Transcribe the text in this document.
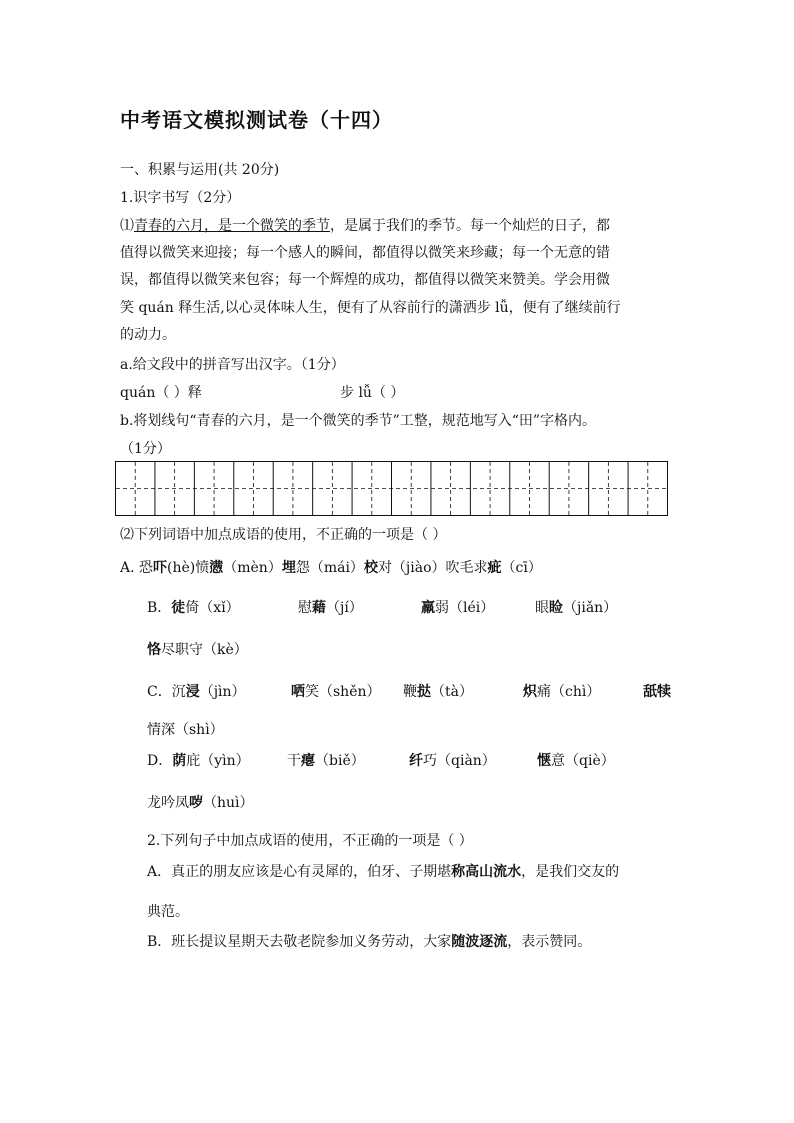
中考语文模拟测试卷（十四）
一、积累与运用(共 20分)
1.识字书写（2分）
⑴青春的六月，是一个微笑的季节，是属于我们的季节。每一个灿烂的日子，都
值得以微笑来迎接；每一个感人的瞬间，都值得以微笑来珍藏；每一个无意的错
误，都值得以微笑来包容；每一个辉煌的成功，都值得以微笑来赞美。学会用微
笑 quán 释生活,以心灵体味人生，便有了从容前行的潇洒步 lǚ，便有了继续前行
的动力。
a.给文段中的拼音写出汉字。（1分）
quán（ ）释	步 lǚ（ ）
b.将划线句“青春的六月，是一个微笑的季节”工整，规范地写入“田”字格内。
（1分）
⑵下列词语中加点成语的使用，不正确的一项是（ ）
A. 恐吓(hè)愤懑（mèn）埋怨（mái）校对（jiào）吹毛求疵（cī）
B．徒倚（xǐ）	慰藉（jí）	羸弱（léi）	眼睑（jiǎn）
恪尽职守（kè）
C．沉浸（jìn）	哂笑（shěn） 鞭挞（tà）	炽痛（chì）	舐犊
情深（shì）
D．荫庇（yìn）	干瘪（biě）	纤巧（qiàn）	惬意（qiè）
龙吟凤哕（huì）
2.下列句子中加点成语的使用，不正确的一项是（ ）
A．真正的朋友应该是心有灵犀的，伯牙、子期堪称高山流水，是我们交友的
典范。
B．班长提议星期天去敬老院参加义务劳动，大家随波逐流，表示赞同。
